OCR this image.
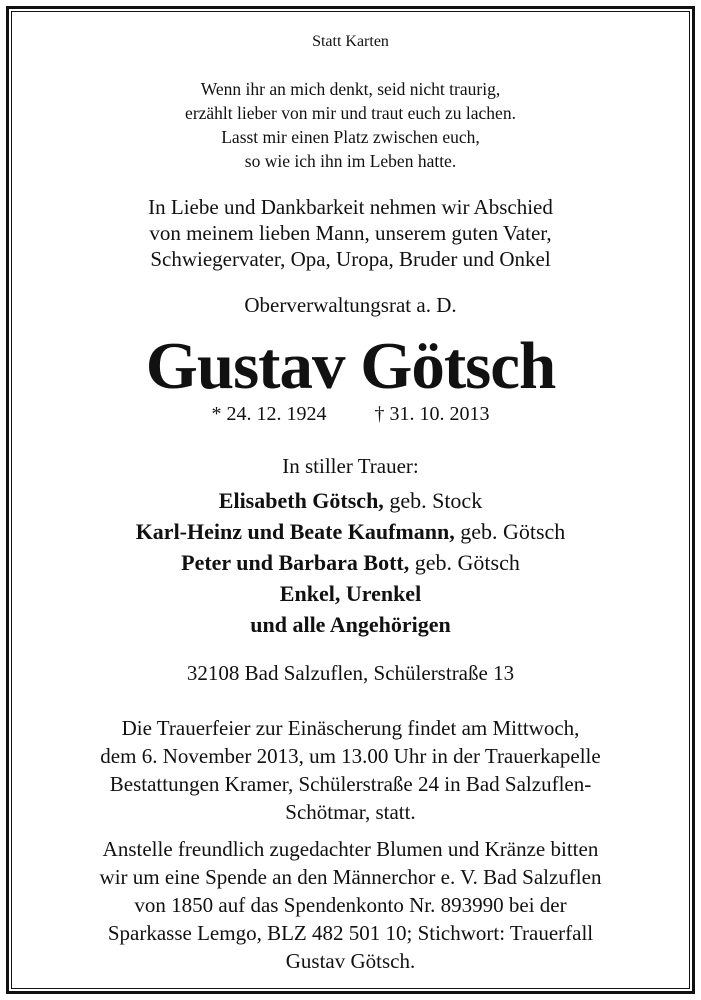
Statt Karten
Wenn ihr an mich denkt, seid nicht traurig,
erzählt lieber von mir und traut euch zu lachen.
Lasst mir einen Platz zwischen euch,
so wie ich ihn im Leben hatte.
In Liebe und Dankbarkeit nehmen wir Abschied
von meinem lieben Mann, unserem guten Vater,
Schwiegervater, Opa, Uropa, Bruder und Onkel
Oberverwaltungsrat a. D.
Gustav Götsch
* 24. 12. 1924 † 31. 10. 2013
In stiller Trauer:
Elisabeth Götsch, geb. Stock
Karl-Heinz und Beate Kaufmann, geb. Götsch
Peter und Barbara Bott, geb. Götsch
Enkel, Urenkel
und alle Angehörigen
32108 Bad Salzuflen, Schülerstraße 13
Die Trauerfeier zur Einäscherung findet am Mittwoch,
dem 6. November 2013, um 13.00 Uhr in der Trauerkapelle
Bestattungen Kramer, Schülerstraße 24 in Bad Salzuflen-
Schötmar, statt.
Anstelle freundlich zugedachter Blumen und Kränze bitten
wir um eine Spende an den Männerchor e. V. Bad Salzuflen
von 1850 auf das Spendenkonto Nr. 893990 bei der
Sparkasse Lemgo, BLZ 482 501 10; Stichwort: Trauerfall
Gustav Götsch.
